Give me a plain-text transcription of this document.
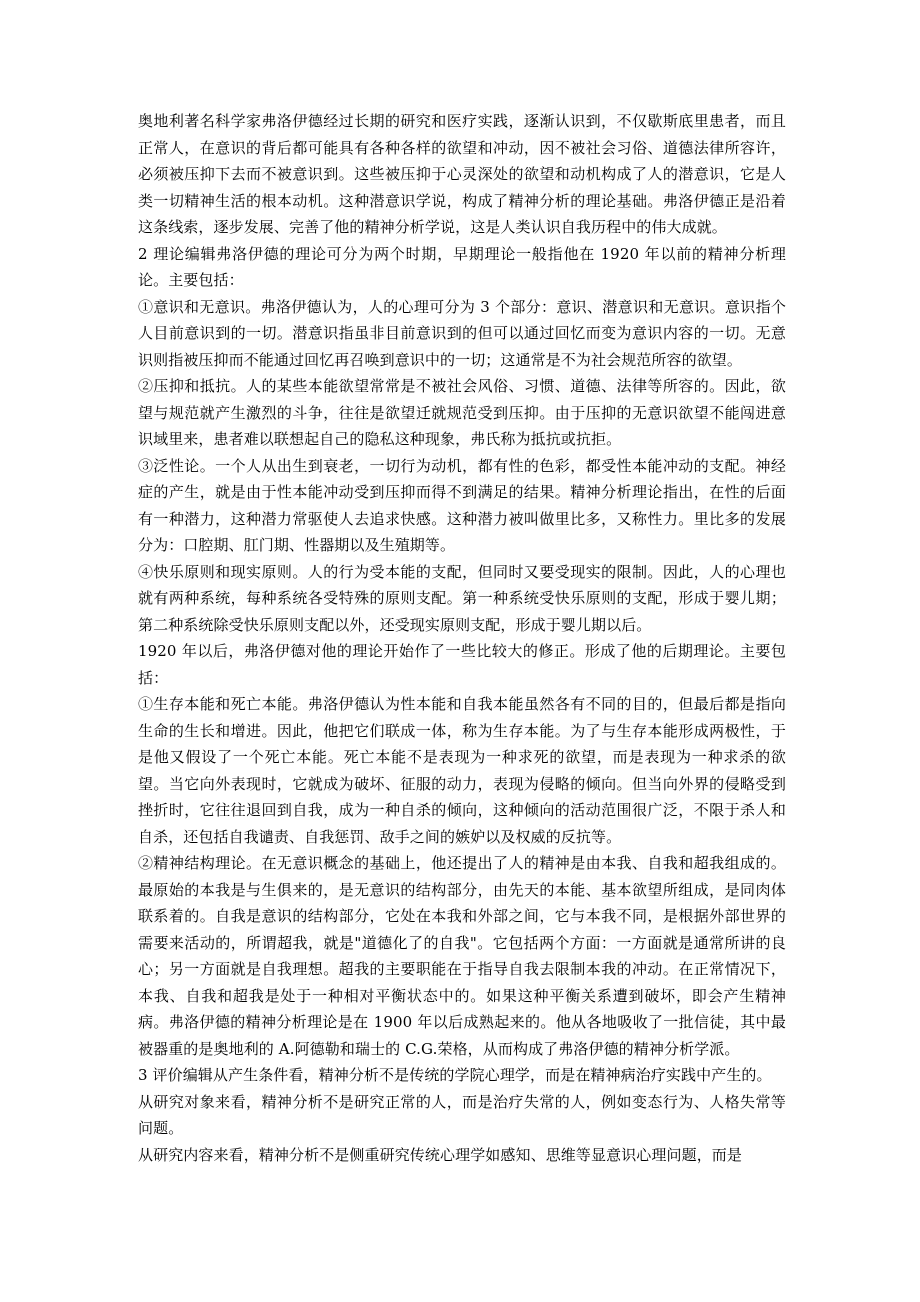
奥地利著名科学家弗洛伊德经过长期的研究和医疗实践，逐渐认识到，不仅歇斯底里患者，而且正常人，在意识的背后都可能具有各种各样的欲望和冲动，因不被社会习俗、道德法律所容许，必须被压抑下去而不被意识到。这些被压抑于心灵深处的欲望和动机构成了人的潜意识，它是人类一切精神生活的根本动机。这种潜意识学说，构成了精神分析的理论基础。弗洛伊德正是沿着这条线索，逐步发展、完善了他的精神分析学说，这是人类认识自我历程中的伟大成就。

2 理论编辑弗洛伊德的理论可分为两个时期，早期理论一般指他在 1920 年以前的精神分析理论。主要包括：

①意识和无意识。弗洛伊德认为，人的心理可分为 3 个部分：意识、潜意识和无意识。意识指个人目前意识到的一切。潜意识指虽非目前意识到的但可以通过回忆而变为意识内容的一切。无意识则指被压抑而不能通过回忆再召唤到意识中的一切；这通常是不为社会规范所容的欲望。

②压抑和抵抗。人的某些本能欲望常常是不被社会风俗、习惯、道德、法律等所容的。因此，欲望与规范就产生激烈的斗争，往往是欲望迁就规范受到压抑。由于压抑的无意识欲望不能闯进意识域里来，患者难以联想起自己的隐私这种现象，弗氏称为抵抗或抗拒。

③泛性论。一个人从出生到衰老，一切行为动机，都有性的色彩，都受性本能冲动的支配。神经症的产生，就是由于性本能冲动受到压抑而得不到满足的结果。精神分析理论指出，在性的后面有一种潜力，这种潜力常驱使人去追求快感。这种潜力被叫做里比多，又称性力。里比多的发展分为：口腔期、肛门期、性器期以及生殖期等。

④快乐原则和现实原则。人的行为受本能的支配，但同时又要受现实的限制。因此，人的心理也就有两种系统，每种系统各受特殊的原则支配。第一种系统受快乐原则的支配，形成于婴儿期；第二种系统除受快乐原则支配以外，还受现实原则支配，形成于婴儿期以后。

1920 年以后，弗洛伊德对他的理论开始作了一些比较大的修正。形成了他的后期理论。主要包括：

①生存本能和死亡本能。弗洛伊德认为性本能和自我本能虽然各有不同的目的，但最后都是指向生命的生长和增进。因此，他把它们联成一体，称为生存本能。为了与生存本能形成两极性，于是他又假设了一个死亡本能。死亡本能不是表现为一种求死的欲望，而是表现为一种求杀的欲望。当它向外表现时，它就成为破坏、征服的动力，表现为侵略的倾向。但当向外界的侵略受到挫折时，它往往退回到自我，成为一种自杀的倾向，这种倾向的活动范围很广泛，不限于杀人和自杀，还包括自我谴责、自我惩罚、敌手之间的嫉妒以及权威的反抗等。

②精神结构理论。在无意识概念的基础上，他还提出了人的精神是由本我、自我和超我组成的。最原始的本我是与生俱来的，是无意识的结构部分，由先天的本能、基本欲望所组成，是同肉体联系着的。自我是意识的结构部分，它处在本我和外部之间，它与本我不同，是根据外部世界的需要来活动的，所谓超我，就是"道德化了的自我"。它包括两个方面：一方面就是通常所讲的良心；另一方面就是自我理想。超我的主要职能在于指导自我去限制本我的冲动。在正常情况下，本我、自我和超我是处于一种相对平衡状态中的。如果这种平衡关系遭到破坏，即会产生精神病。弗洛伊德的精神分析理论是在 1900 年以后成熟起来的。他从各地吸收了一批信徒，其中最被器重的是奥地利的 A.阿德勒和瑞士的 C.G.荣格，从而构成了弗洛伊德的精神分析学派。

3 评价编辑从产生条件看，精神分析不是传统的学院心理学，而是在精神病治疗实践中产生的。

从研究对象来看，精神分析不是研究正常的人，而是治疗失常的人，例如变态行为、人格失常等问题。

从研究内容来看，精神分析不是侧重研究传统心理学如感知、思维等显意识心理问题，而是
